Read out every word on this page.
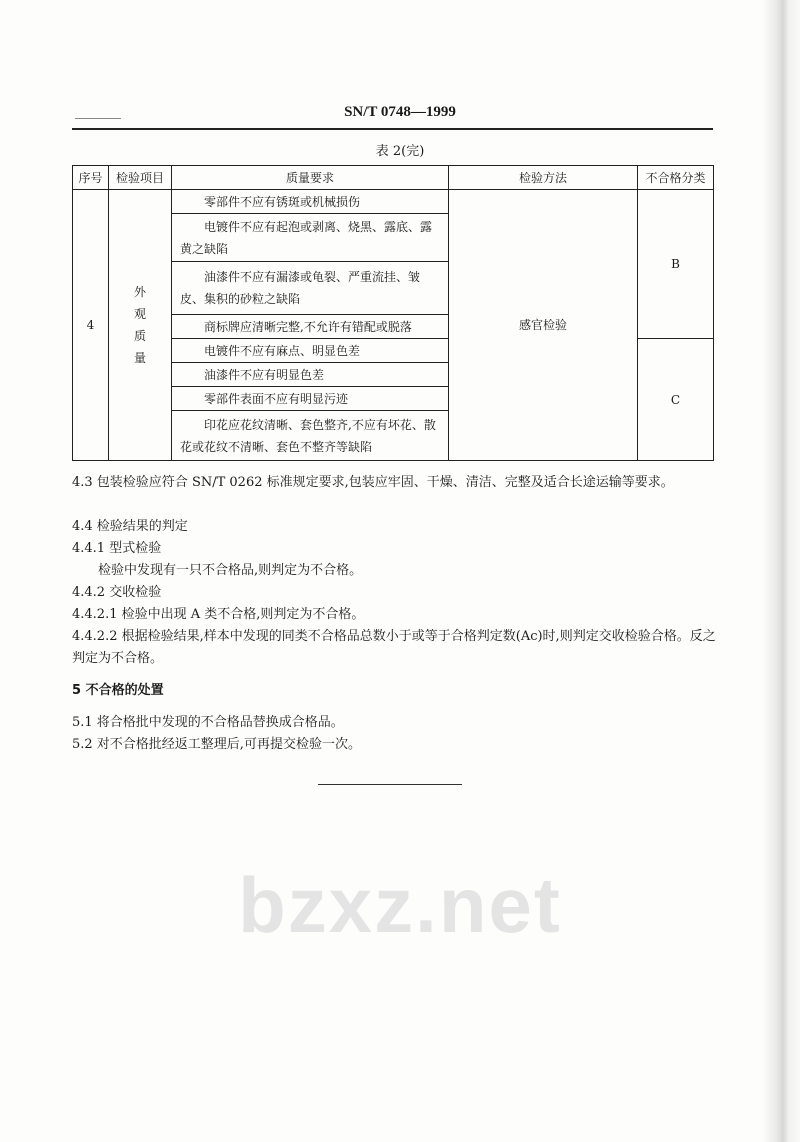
bzxz.net
SN/T 0748—1999
表 2(完)
序号	检验项目	质量要求	检验方法	不合格分类
4	外观质量	零部件不应有锈斑或机械损伤	感官检验	B
		电镀件不应有起泡或剥离、烧黑、露底、露黄之缺陷		
		油漆件不应有漏漆或龟裂、严重流挂、皱皮、集积的砂粒之缺陷		
		商标牌应清晰完整,不允许有错配或脱落		
		电镀件不应有麻点、明显色差		C
		油漆件不应有明显色差		
		零部件表面不应有明显污迹		
		印花应花纹清晰、套色整齐,不应有坏花、散花或花纹不清晰、套色不整齐等缺陷		
4.3 包装检验应符合 SN/T 0262 标准规定要求,包装应牢固、干燥、清洁、完整及适合长途运输等要求。
4.4 检验结果的判定
4.4.1 型式检验
检验中发现有一只不合格品,则判定为不合格。
4.4.2 交收检验
4.4.2.1 检验中出现 A 类不合格,则判定为不合格。
4.4.2.2 根据检验结果,样本中发现的同类不合格品总数小于或等于合格判定数(Ac)时,则判定交收检验合格。反之判定为不合格。
5 不合格的处置
5.1 将合格批中发现的不合格品替换成合格品。
5.2 对不合格批经返工整理后,可再提交检验一次。
